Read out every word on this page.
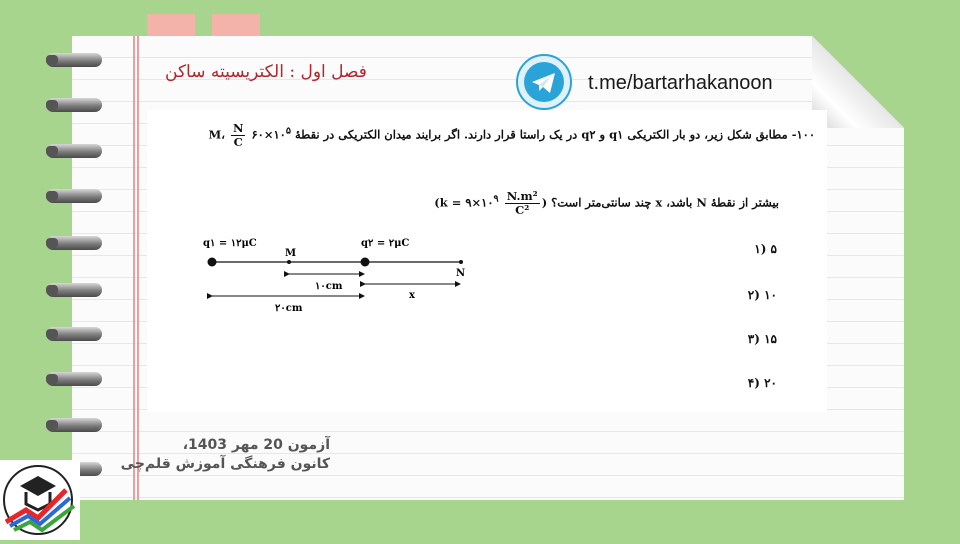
فصل اول : الکتریسیته ساکن	t.me/bartarhakanoon
۱۰۰- مطابق شکل زیر، دو بار الکتریکی q۱ و q۲ در یک راستا قرار دارند. اگر برایند میدان الکتریکی در نقطهٔ M،
$\frac{N}{C}$ $۶۰\times ۱۰^۵$
بیشتر از نقطهٔ N باشد، x چند سانتی‌متر است؟ ($k = ۹\times ۱۰^۹ \frac{\text{N.m²}}{\text{C²}}$ )
q۱ = ۱۲μC
M
q۲ = ۲μC
N
۱۰cm
x
۲۰cm
۵ (۱
۱۰ (۲
۱۵ (۳
۲۰ (۴
آزمون 20 مهر 1403،
کانون فرهنگی آموزش قلم‌چی
